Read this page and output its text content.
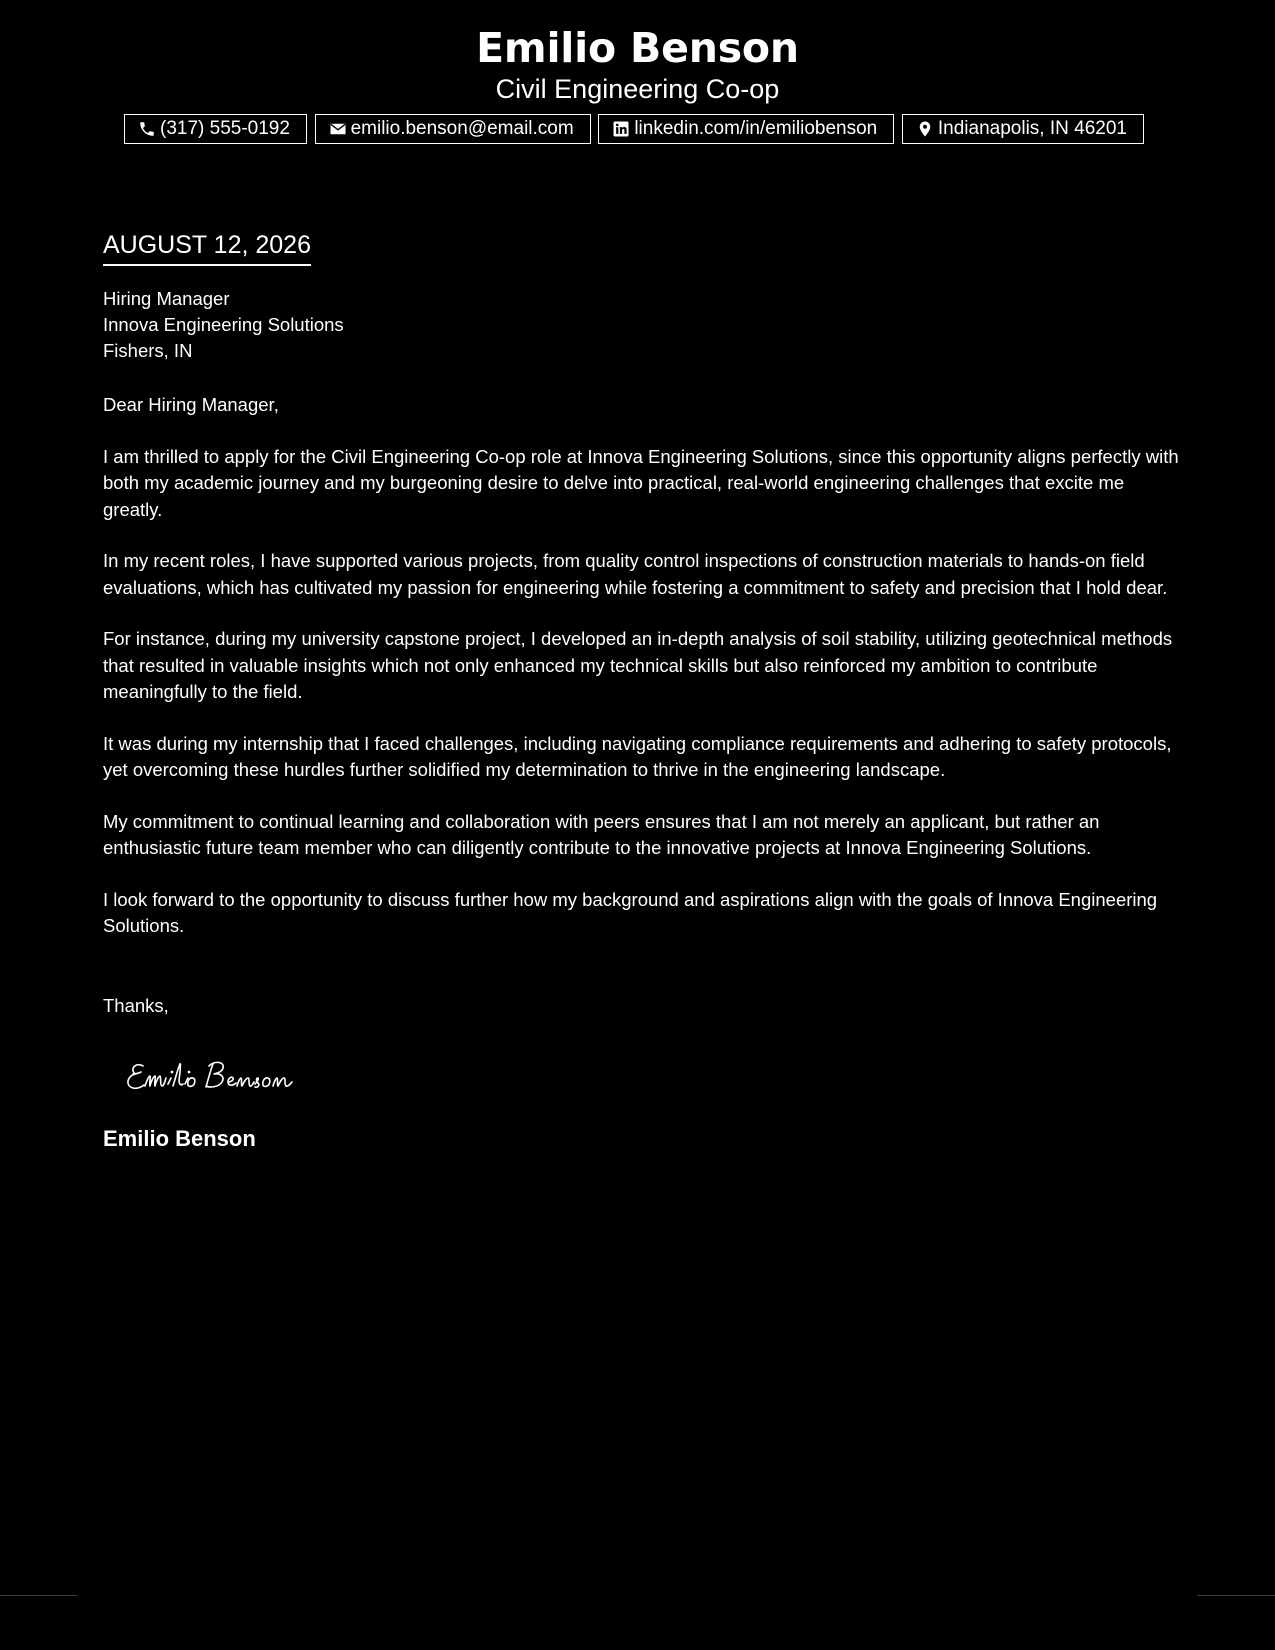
Emilio Benson
Civil Engineering Co-op
(317) 555-0192	emilio.benson@email.com	linkedin.com/in/emiliobenson	Indianapolis, IN 46201
AUGUST 12, 2026
Hiring Manager
Innova Engineering Solutions
Fishers, IN
Dear Hiring Manager,
I am thrilled to apply for the Civil Engineering Co-op role at Innova Engineering Solutions, since this opportunity aligns perfectly with both my academic journey and my burgeoning desire to delve into practical, real-world engineering challenges that excite me greatly.
In my recent roles, I have supported various projects, from quality control inspections of construction materials to hands-on field evaluations, which has cultivated my passion for engineering while fostering a commitment to safety and precision that I hold dear.
For instance, during my university capstone project, I developed an in-depth analysis of soil stability, utilizing geotechnical methods that resulted in valuable insights which not only enhanced my technical skills but also reinforced my ambition to contribute meaningfully to the field.
It was during my internship that I faced challenges, including navigating compliance requirements and adhering to safety protocols, yet overcoming these hurdles further solidified my determination to thrive in the engineering landscape.
My commitment to continual learning and collaboration with peers ensures that I am not merely an applicant, but rather an enthusiastic future team member who can diligently contribute to the innovative projects at Innova Engineering Solutions.
I look forward to the opportunity to discuss further how my background and aspirations align with the goals of Innova Engineering Solutions.
Thanks,
Emilio Benson
